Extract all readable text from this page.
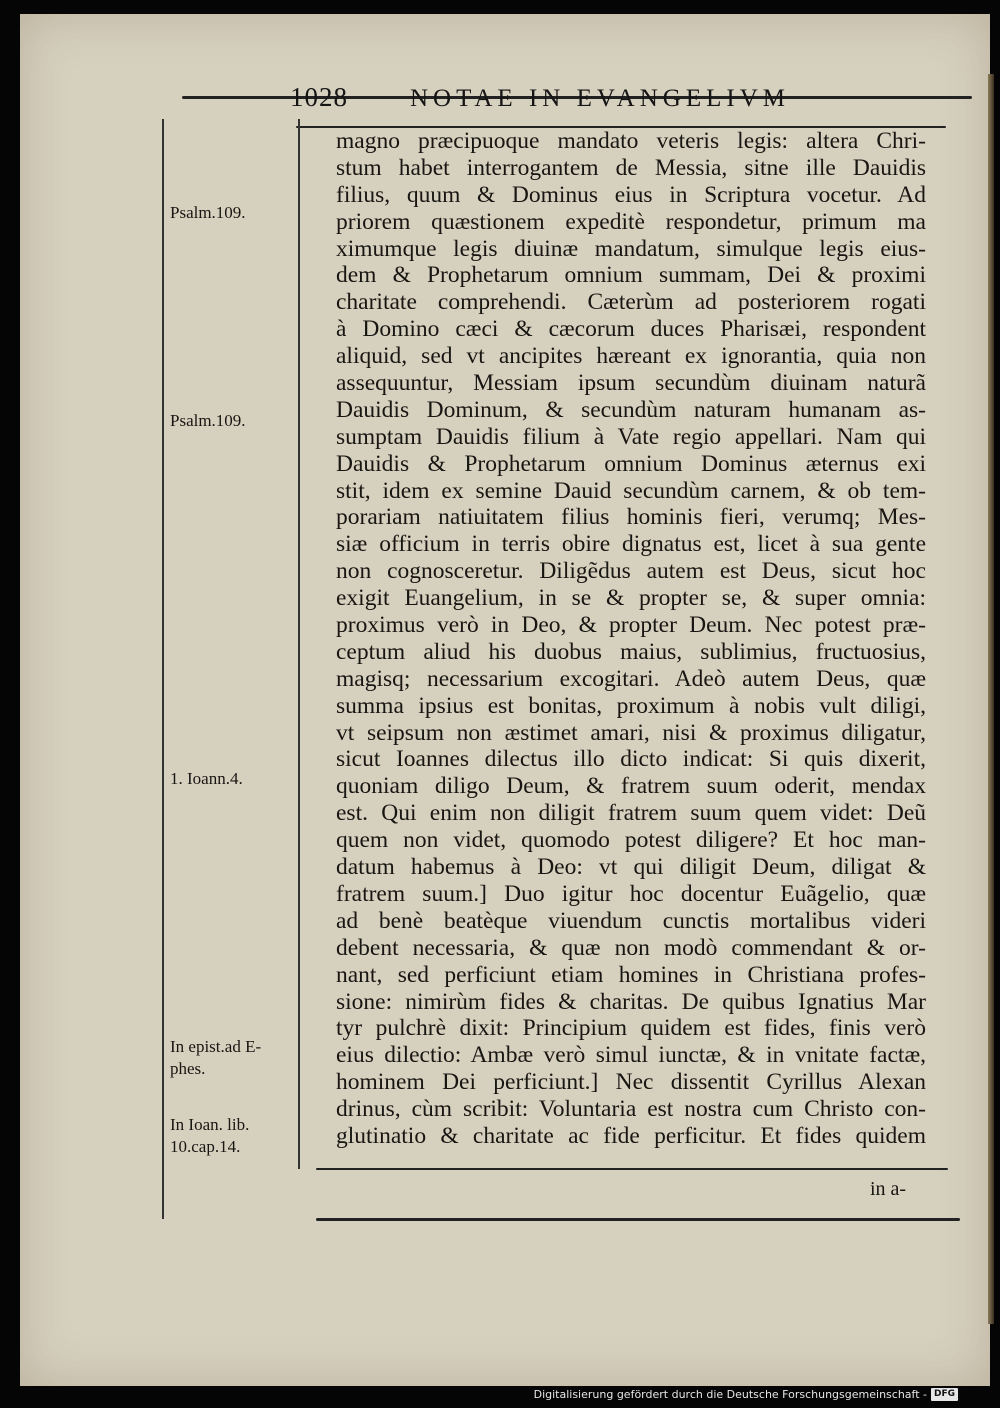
1028	NOTAE IN EVANGELIVM
Psalm.109.
Psalm.109.
1. Ioann.4.
In epist.ad E- phes.
In Ioan. lib. 10.cap.14.
magno præcipuoque mandato veteris legis: altera Chri-
stum habet interrogantem de Messia, sitne ille Dauidis
filius, quum & Dominus eius in Scriptura vocetur. Ad
priorem quæstionem expeditè respondetur, primum ma
ximumque legis diuinæ mandatum, simulque legis eius-
dem & Prophetarum omnium summam, Dei & proximi
charitate comprehendi. Cæterùm ad posteriorem rogati
à Domino cæci & cæcorum duces Pharisæi, respondent
aliquid, sed vt ancipites hæreant ex ignorantia, quia non
assequuntur, Messiam ipsum secundùm diuinam naturã
Dauidis Dominum, & secundùm naturam humanam as-
sumptam Dauidis filium à Vate regio appellari. Nam qui
Dauidis & Prophetarum omnium Dominus æternus exi
stit, idem ex semine Dauid secundùm carnem, & ob tem-
porariam natiuitatem filius hominis fieri, verumq; Mes-
siæ officium in terris obire dignatus est, licet à sua gente
non cognosceretur. Diligẽdus autem est Deus, sicut hoc
exigit Euangelium, in se & propter se, & super omnia:
proximus verò in Deo, & propter Deum. Nec potest præ-
ceptum aliud his duobus maius, sublimius, fructuosius,
magisq; necessarium excogitari. Adeò autem Deus, quæ
summa ipsius est bonitas, proximum à nobis vult diligi,
vt seipsum non æstimet amari, nisi & proximus diligatur,
sicut Ioannes dilectus illo dicto indicat: Si quis dixerit,
quoniam diligo Deum, & fratrem suum oderit, mendax
est. Qui enim non diligit fratrem suum quem videt: Deũ
quem non videt, quomodo potest diligere? Et hoc man-
datum habemus à Deo: vt qui diligit Deum, diligat &
fratrem suum.] Duo igitur hoc docentur Euãgelio, quæ
ad benè beatèque viuendum cunctis mortalibus videri
debent necessaria, & quæ non modò commendant & or-
nant, sed perficiunt etiam homines in Christiana profes-
sione: nimirùm fides & charitas. De quibus Ignatius Mar
tyr pulchrè dixit: Principium quidem est fides, finis verò
eius dilectio: Ambæ verò simul iunctæ, & in vnitate factæ,
hominem Dei perficiunt.] Nec dissentit Cyrillus Alexan
drinus, cùm scribit: Voluntaria est nostra cum Christo con-
glutinatio & charitate ac fide perficitur. Et fides quidem
in a-
Digitalisierung gefördert durch die Deutsche Forschungsgemeinschaft - DFG
